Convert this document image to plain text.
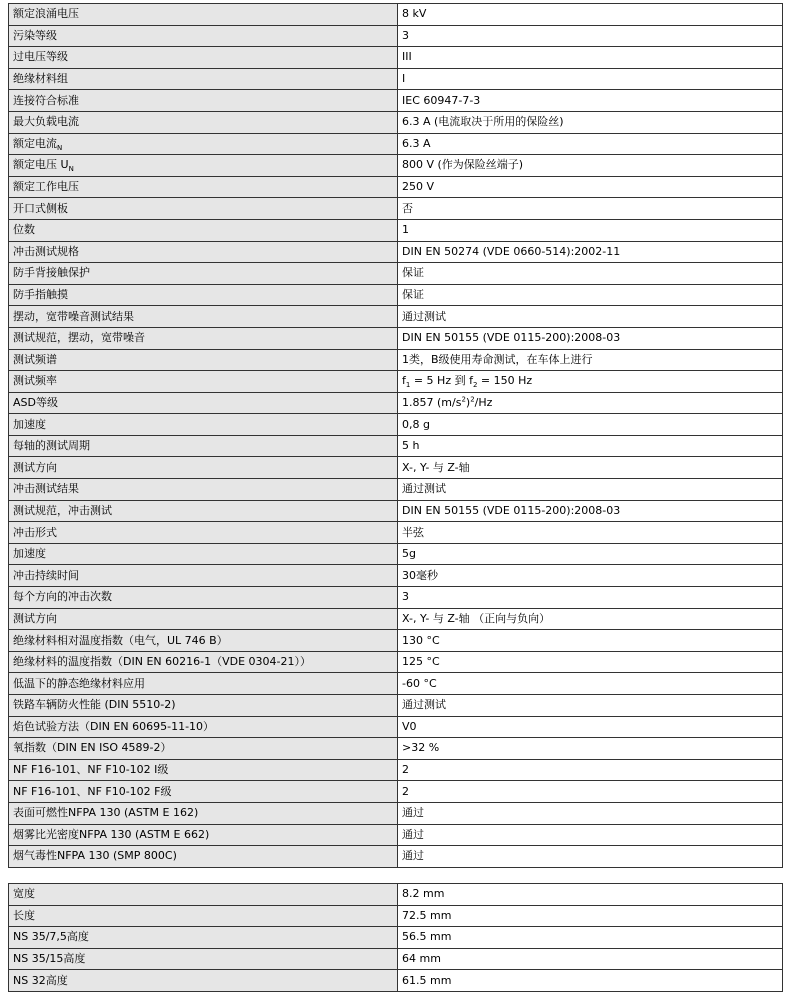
额定浪涌电压	8 kV
污染等级	3
过电压等级	III
绝缘材料组	I
连接符合标准	IEC 60947-7-3
最大负载电流	6.3 A (电流取决于所用的保险丝)
额定电流$_N$	6.3 A
额定电压 $U_N$	800 V (作为保险丝端子)
额定工作电压	250 V
开口式侧板	否
位数	1
冲击测试规格	DIN EN 50274 (VDE 0660-514):2002-11
防手背接触保护	保证
防手指触摸	保证
摆动，宽带噪音测试结果	通过测试
测试规范，摆动，宽带噪音	DIN EN 50155 (VDE 0115-200):2008-03
测试频谱	1类，B级使用寿命测试，在车体上进行
测试频率	$f_1 = 5$ Hz 到 $f_2 = 150$ Hz
ASD等级	1.857 $(m/s^2)^2/Hz$
加速度	0,8 g
每轴的测试周期	5 h
测试方向	X-, Y- 与 Z-轴
冲击测试结果	通过测试
测试规范，冲击测试	DIN EN 50155 (VDE 0115-200):2008-03
冲击形式	半弦
加速度	5g
冲击持续时间	30毫秒
每个方向的冲击次数	3
测试方向	X-, Y- 与 Z-轴 （正向与负向）
绝缘材料相对温度指数（电气，UL 746 B）	130 °C
绝缘材料的温度指数（DIN EN 60216-1（VDE 0304-21））	125 °C
低温下的静态绝缘材料应用	-60 °C
铁路车辆防火性能 (DIN 5510-2)	通过测试
焰色试验方法（DIN EN 60695-11-10）	V0
氧指数（DIN EN ISO 4589-2）	>32 %
NF F16-101、NF F10-102 I级	2
NF F16-101、NF F10-102 F级	2
表面可燃性NFPA 130 (ASTM E 162)	通过
烟雾比光密度NFPA 130 (ASTM E 662)	通过
烟气毒性NFPA 130 (SMP 800C)	通过
宽度	8.2 mm
长度	72.5 mm
NS 35/7,5高度	56.5 mm
NS 35/15高度	64 mm
NS 32高度	61.5 mm
